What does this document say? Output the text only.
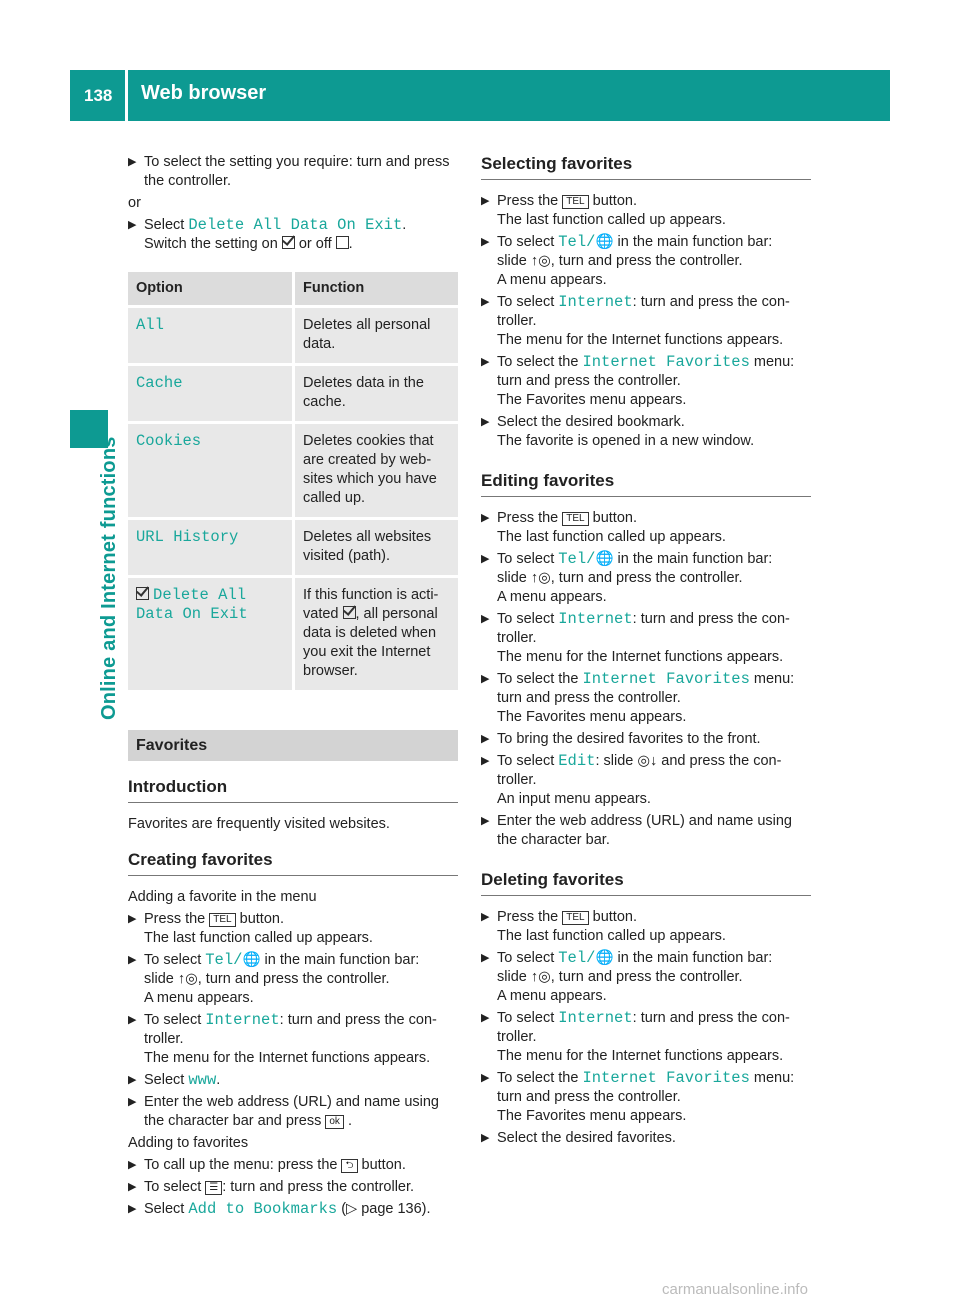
138 Web browser
Online and Internet functions
▶ To select the setting you require: turn and press the controller.
or
▶ Select Delete All Data On Exit.
Switch the setting on  or off .
Option	Function
All	Deletes all personal data.
Cache	Deletes data in the cache.
Cookies	Deletes cookies that are created by web-sites which you have called up.
URL History	Deletes all websites visited (path).
Delete All Data On Exit	If this function is acti-vated , all personal data is deleted when you exit the Internet browser.
Favorites
Introduction
Favorites are frequently visited websites.
Creating favorites
Adding a favorite in the menu
▶ Press the TEL button.
The last function called up appears.
▶ To select Tel/🌐 in the main function bar:
slide ↑◎, turn and press the controller.
A menu appears.
▶ To select Internet: turn and press the con-troller.
The menu for the Internet functions appears.
▶ Select www.
▶ Enter the web address (URL) and name using the character bar and press ok .
Adding to favorites
▶ To call up the menu: press the ⮌ button.
▶ To select ☰ : turn and press the controller.
▶ Select Add to Bookmarks (▷ page 136).
Selecting favorites
▶ Press the TEL button.
The last function called up appears.
▶ To select Tel/🌐 in the main function bar:
slide ↑◎, turn and press the controller.
A menu appears.
▶ To select Internet: turn and press the con-troller.
The menu for the Internet functions appears.
▶ To select the Internet Favorites menu: turn and press the controller.
The Favorites menu appears.
▶ Select the desired bookmark.
The favorite is opened in a new window.
Editing favorites
▶ Press the TEL button.
The last function called up appears.
▶ To select Tel/🌐 in the main function bar:
slide ↑◎, turn and press the controller.
A menu appears.
▶ To select Internet: turn and press the con-troller.
The menu for the Internet functions appears.
▶ To select the Internet Favorites menu: turn and press the controller.
The Favorites menu appears.
▶ To bring the desired favorites to the front.
▶ To select Edit: slide ◎↓ and press the con-troller.
An input menu appears.
▶ Enter the web address (URL) and name using the character bar.
Deleting favorites
▶ Press the TEL button.
The last function called up appears.
▶ To select Tel/🌐 in the main function bar:
slide ↑◎, turn and press the controller.
A menu appears.
▶ To select Internet: turn and press the con-troller.
The menu for the Internet functions appears.
▶ To select the Internet Favorites menu: turn and press the controller.
The Favorites menu appears.
▶ Select the desired favorites.
carmanualsonline.info
